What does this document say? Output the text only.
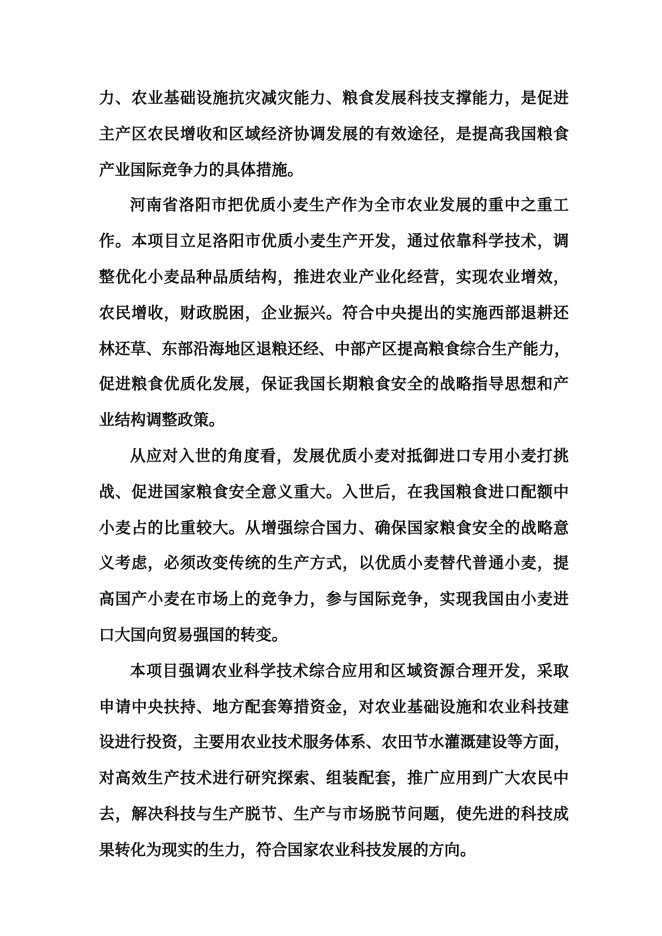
力、农业基础设施抗灾减灾能力、粮食发展科技支撑能力，是促进
主产区农民增收和区域经济协调发展的有效途径，是提高我国粮食
产业国际竞争力的具体措施。

河南省洛阳市把优质小麦生产作为全市农业发展的重中之重工
作。本项目立足洛阳市优质小麦生产开发，通过依靠科学技术，调
整优化小麦品种品质结构，推进农业产业化经营，实现农业增效，
农民增收，财政脱困，企业振兴。符合中央提出的实施西部退耕还
林还草、东部沿海地区退粮还经、中部产区提高粮食综合生产能力，
促进粮食优质化发展，保证我国长期粮食安全的战略指导思想和产
业结构调整政策。

从应对入世的角度看，发展优质小麦对抵御进口专用小麦打挑
战、促进国家粮食安全意义重大。入世后，在我国粮食进口配额中
小麦占的比重较大。从增强综合国力、确保国家粮食安全的战略意
义考虑，必须改变传统的生产方式，以优质小麦替代普通小麦，提
高国产小麦在市场上的竞争力，参与国际竞争，实现我国由小麦进
口大国向贸易强国的转变。

本项目强调农业科学技术综合应用和区域资源合理开发，采取
申请中央扶持、地方配套筹措资金，对农业基础设施和农业科技建
设进行投资，主要用农业技术服务体系、农田节水灌溉建设等方面，
对高效生产技术进行研究探索、组装配套，推广应用到广大农民中
去，解决科技与生产脱节、生产与市场脱节问题，使先进的科技成
果转化为现实的生力，符合国家农业科技发展的方向。
